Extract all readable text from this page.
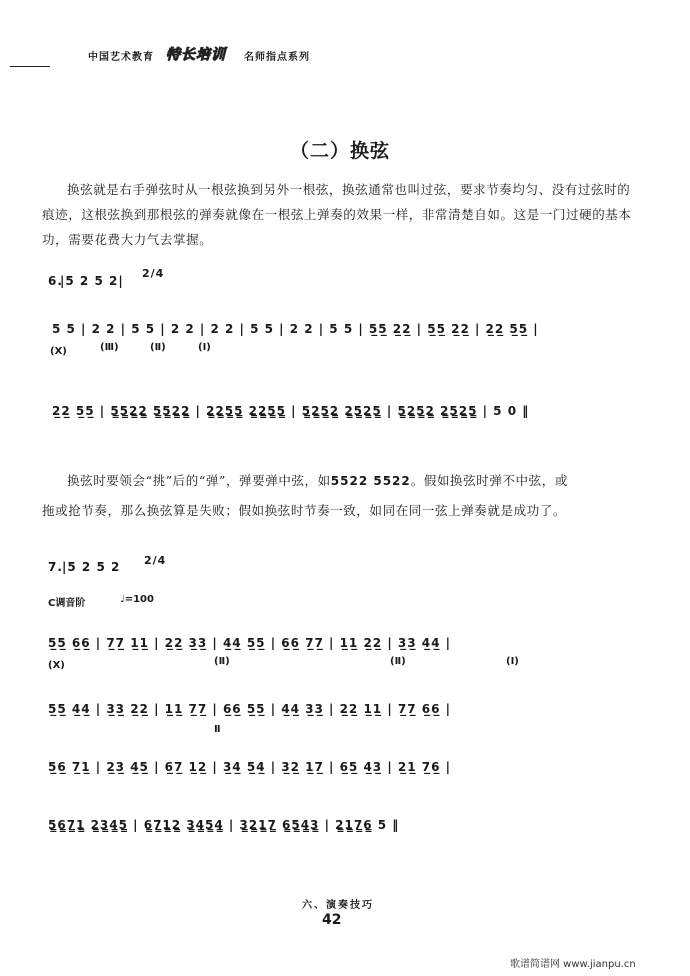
中国艺术教育 特长培训 名师指点系列
（二）换弦
换弦就是右手弹弦时从一根弦换到另外一根弦，换弦通常也叫过弦，要求节奏均匀、没有过弦时的痕迹，这根弦换到那根弦的弹奏就像在一根弦上弹奏的效果一样，非常清楚自如。这是一门过硬的基本功，需要花费大力气去掌握。
6.
|5 2 5 2|
2/4
5 5 | 2 2 | 5 5 | 2 2 | 2 2 | 5 5 | 2 2 | 5 5 | 5̲5̲ 2̲2̲ | 5̲5̲ 2̲2̲ | 2̲2̲ 5̲5̲ |
(Ⅹ)	(Ⅲ)	(Ⅱ)	(Ⅰ)
2̲2̲ 5̲5̲ | 5̳5̳2̳2̳ 5̳5̳2̳2̳ | 2̳2̳5̳5̳ 2̳2̳5̳5̳ | 5̳2̳5̳2̳ 2̳5̳2̳5̳ | 5̳2̳5̳2̳ 2̳5̳2̳5̳ | 5 0 ‖
换弦时要领会“挑”后的“弹”，弹要弹中弦，如5522 5522。假如换弦时弹不中弦，或
拖或抢节奏，那么换弦算是失败；假如换弦时节奏一致，如同在同一弦上弹奏就是成功了。
7. |5 2 5 2 2/4
C调音阶	♩=100
5̲5̲ 6̲6̲ | 7̲7̲ 1̲1̲ | 2̲2̲ 3̲3̲ | 4̲4̲ 5̲5̲ | 6̲6̲ 7̲7̲ | 1̲1̲ 2̲2̲ | 3̲3̲ 4̲4̲ |
(Ⅹ)	(Ⅱ)	(Ⅱ)	(Ⅰ)
5̲5̲ 4̲4̲ | 3̲3̲ 2̲2̲ | 1̲1̲ 7̲7̲ | 6̲6̲ 5̲5̲ | 4̲4̲ 3̲3̲ | 2̲2̲ 1̲1̲ | 7̲7̲ 6̲6̲ |
Ⅱ
5̲6̲ 7̲1̲ | 2̲3̲ 4̲5̲ | 6̲7̲ 1̲2̲ | 3̲4̲ 5̲4̲ | 3̲2̲ 1̲7̲ | 6̲5̲ 4̲3̲ | 2̲1̲ 7̲6̲ |
5̳6̳7̳1̳ 2̳3̳4̳5̳ | 6̳7̳1̳2̳ 3̳4̳5̳4̳ | 3̳2̳1̳7̳ 6̳5̳4̳3̳ | 2̳1̳7̳6̳ 5 ‖
六、演奏技巧
42
歌谱简谱网 www.jianpu.cn
